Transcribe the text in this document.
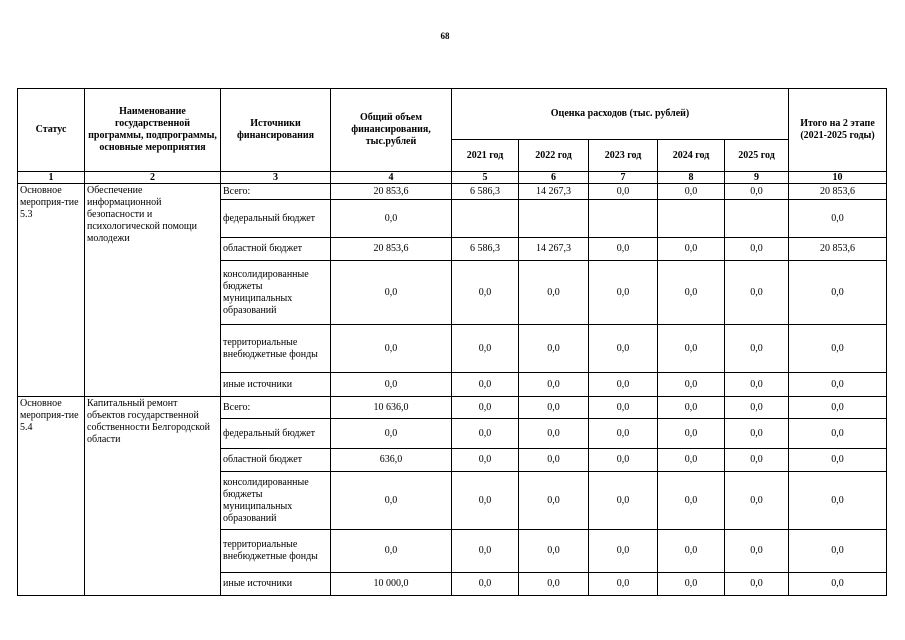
68
Статус	Наименование государственной программы, подпрограммы, основные мероприятия	Источники финансирования	Общий объем финансирования, тыс.рублей	Оценка расходов (тыс. рублей)					Итого на 2 этапе (2021-2025 годы)
				2021 год	2022 год	2023 год	2024 год	2025 год	
1	2	3	4	5	6	7	8	9	10
Основное мероприя-тие 5.3	Обеспечение информационной безопасности и психологической помощи молодежи	Всего:	20 853,6	6 586,3	14 267,3	0,0	0,0	0,0	20 853,6
		федеральный бюджет	0,0						0,0
		областной бюджет	20 853,6	6 586,3	14 267,3	0,0	0,0	0,0	20 853,6
		консолидированные бюджеты муниципальных образований	0,0	0,0	0,0	0,0	0,0	0,0	0,0
		территориальные внебюджетные фонды	0,0	0,0	0,0	0,0	0,0	0,0	0,0
		иные источники	0,0	0,0	0,0	0,0	0,0	0,0	0,0
Основное мероприя-тие 5.4	Капитальный ремонт объектов государственной собственности Белгородской области	Всего:	10 636,0	0,0	0,0	0,0	0,0	0,0	0,0
		федеральный бюджет	0,0	0,0	0,0	0,0	0,0	0,0	0,0
		областной бюджет	636,0	0,0	0,0	0,0	0,0	0,0	0,0
		консолидированные бюджеты муниципальных образований	0,0	0,0	0,0	0,0	0,0	0,0	0,0
		территориальные внебюджетные фонды	0,0	0,0	0,0	0,0	0,0	0,0	0,0
		иные источники	10 000,0	0,0	0,0	0,0	0,0	0,0	0,0
